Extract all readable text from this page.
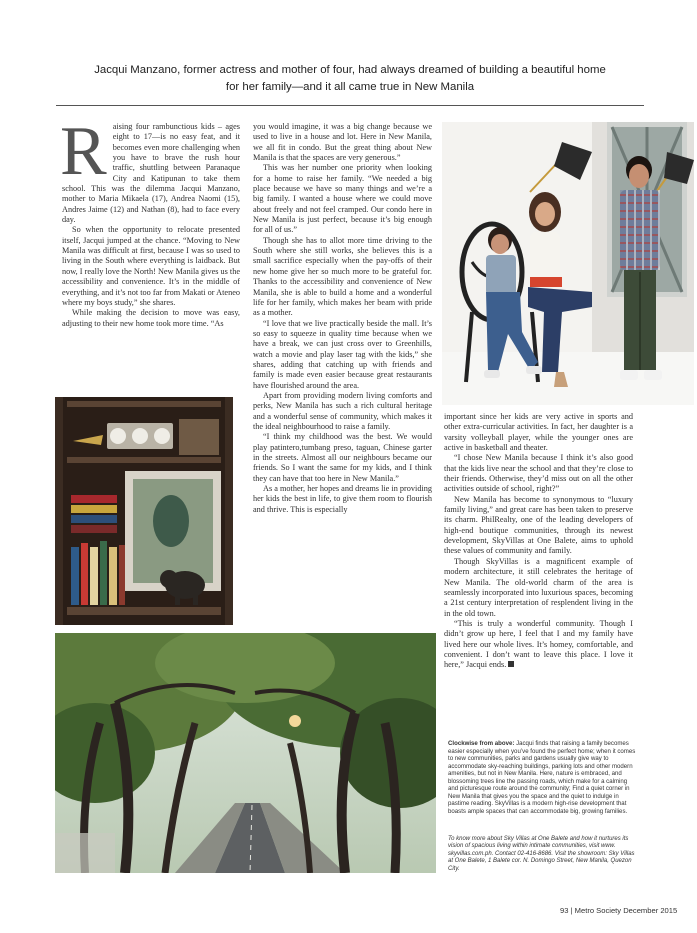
Jacqui Manzano, former actress and mother of four, had always dreamed of building a beautiful home
for her family—and it all came true in New Manila

Raising four rambunctious kids – ages eight to 17—is no easy feat, and it becomes even more challenging when you have to brave the rush hour traffic, shuttling between Paranaque City and Katipunan to take them school. This was the dilemma Jacqui Manzano, mother to Maria Mikaela (17), Andrea Naomi (15), Andres Jaime (12) and Nathan (8), had to face every day.

So when the opportunity to relocate presented itself, Jacqui jumped at the chance. “Moving to New Manila was difficult at first, because I was so used to living in the South where everything is laidback. But now, I really love the North! New Manila gives us the accessibility and convenience. It’s in the middle of everything, and it’s not too far from Makati or Ateneo where my boys study,” she shares.

While making the decision to move was easy, adjusting to their new home took more time. “As

you would imagine, it was a big change because we used to live in a house and lot. Here in New Manila, we all fit in condo. But the great thing about New Manila is that the spaces are very generous.”

This was her number one priority when looking for a home to raise her family. “We needed a big place because we have so many things and we’re a big family. I wanted a house where we could move about freely and not feel cramped. Our condo here in New Manila is just perfect, because it’s big enough for all of us.”

Though she has to allot more time driving to the South where she still works, she believes this is a small sacrifice especially when the pay-offs of their new home give her so much more to be grateful for. Thanks to the accessibility and convenience of New Manila, she is able to build a home and a wonderful life for her family, which makes her beam with pride as a mother.

“I love that we live practically beside the mall. It’s so easy to squeeze in quality time because when we have a break, we can just cross over to Greenhills, watch a movie and play laser tag with the kids,” she shares, adding that catching up with friends and family is made even easier because great restaurants have flourished around the area.

Apart from providing modern living comforts and perks, New Manila has such a rich cultural heritage and a wonderful sense of community, which makes it the ideal neighbourhood to raise a family.

“I think my childhood was the best. We would play patintero,tumbang preso, taguan, Chinese garter in the streets. Almost all our neighbours became our friends. So I want the same for my kids, and I think they can have that too here in New Manila.”

As a mother, her hopes and dreams lie in providing her kids the best in life, to give them room to flourish and thrive. This is especially

important since her kids are very active in sports and other extra-curricular activities. In fact, her daughter is a varsity volleyball player, while the younger ones are active in basketball and theater.

“I chose New Manila because I think it’s also good that the kids live near the school and that they’re close to their friends. Otherwise, they’d miss out on all the other activities outside of school, right?”

New Manila has become to synonymous to “luxury family living,” and great care has been taken to preserve its charm. PhilRealty, one of the leading developers of high-end boutique communities, through its newest development, SkyVillas at One Balete, aims to uphold these values of community and family.

Though SkyVillas is a magnificent example of modern architecture, it still celebrates the heritage of New Manila. The old-world charm of the area is seamlessly incorporated into luxurious spaces, becoming a 21st century interpretation of resplendent living in the in the old town.

“This is truly a wonderful community. Though I didn’t grow up here, I feel that I and my family have lived here our whole lives. It’s homey, comfortable, and convenient. I don’t want to leave this place. I love it here,” Jacqui ends.

Clockwise from above: Jacqui finds that raising a family becomes easier especially when you’ve found the perfect home; when it comes to new communities, parks and gardens usually give way to accommodate sky-reaching buildings, parking lots and other modern amenities, but not in New Manila. Here, nature is embraced, and blossoming trees line the passing roads, which make for a calming and picturesque route around the community; Find a quiet corner in New Manila that gives you the space and the quiet to indulge in pastime reading. SkyVillas is a modern high-rise development that boasts ample spaces that can accommodate big, growing families.
To know more about Sky Villas at One Balete and how it nurtures its vision of spacious living within intimate communities, visit www. skyvillas.com.ph. Contact 02-416-8686. Visit the showroom: Sky Villas at One Balete, 1 Balete cor. N. Domingo Street, New Manila, Quezon City.
93 | Metro Society December 2015
